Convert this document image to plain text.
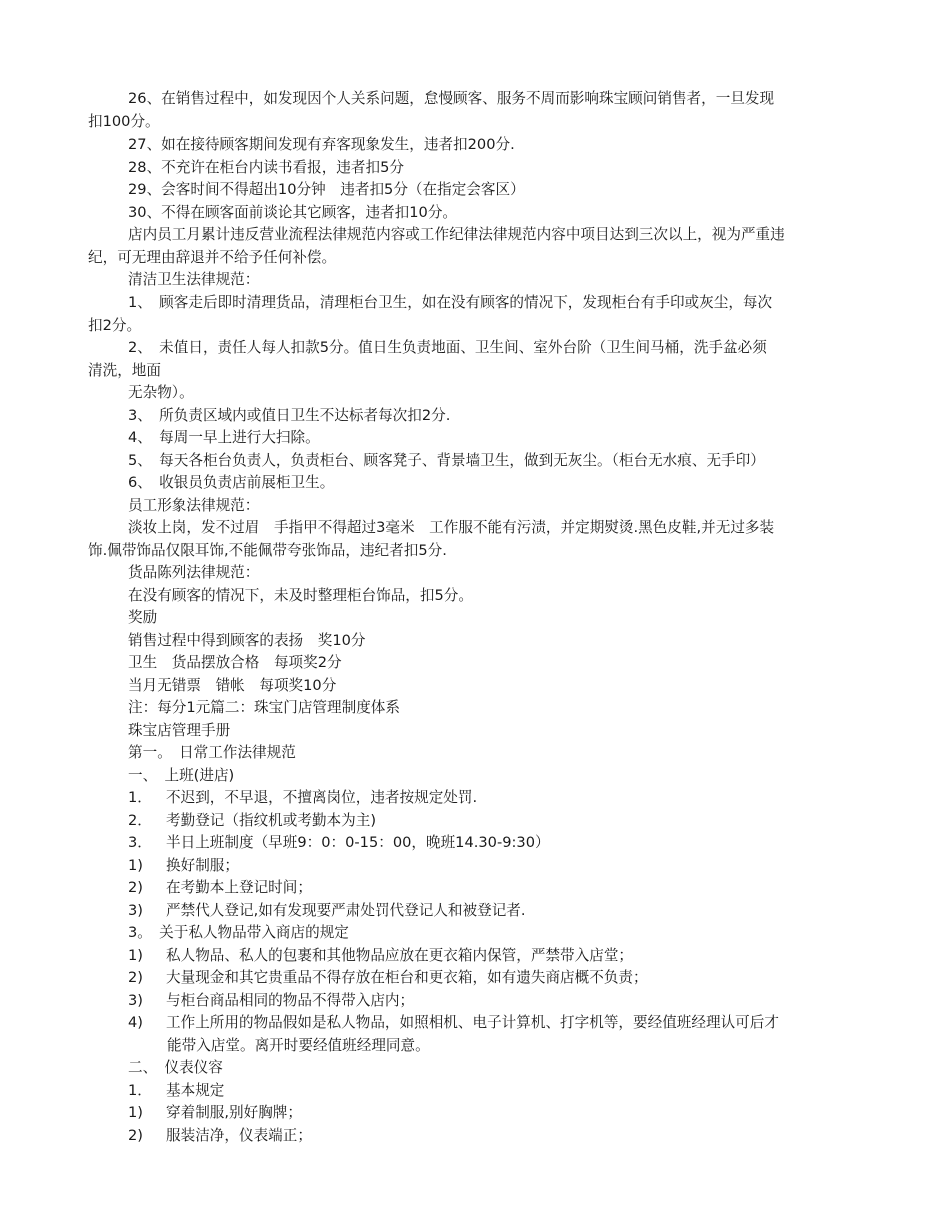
26、在销售过程中，如发现因个人关系问题，怠慢顾客、服务不周而影响珠宝顾问销售者，一旦发现
扣100分。
27、如在接待顾客期间发现有弃客现象发生，违者扣200分.
28、不充许在柜台内读书看报，违者扣5分
29、会客时间不得超出10分钟　违者扣5分（在指定会客区）
30、不得在顾客面前谈论其它顾客，违者扣10分。
店内员工月累计违反营业流程法律规范内容或工作纪律法律规范内容中项目达到三次以上，视为严重违
纪，可无理由辞退并不给予任何补偿。
清洁卫生法律规范：
1、　顾客走后即时清理货品，清理柜台卫生，如在没有顾客的情况下，发现柜台有手印或灰尘，每次
扣2分。
2、　未值日，责任人每人扣款5分。值日生负责地面、卫生间、室外台阶（卫生间马桶，洗手盆必须
清洗，地面
无杂物）。
3、　所负责区域内或值日卫生不达标者每次扣2分.
4、　每周一早上进行大扫除。
5、　每天各柜台负责人，负责柜台、顾客凳子、背景墙卫生，做到无灰尘。（柜台无水痕、无手印）
6、　收银员负责店前展柜卫生。
员工形象法律规范：
淡妆上岗，发不过眉　手指甲不得超过3毫米　工作服不能有污渍，并定期熨烫.黑色皮鞋,并无过多装
饰.佩带饰品仅限耳饰,不能佩带夸张饰品，违纪者扣5分.
货品陈列法律规范：
在没有顾客的情况下，未及时整理柜台饰品，扣5分。
奖励
销售过程中得到顾客的表扬　奖10分
卫生　货品摆放合格　每项奖2分
当月无错票　错帐　每项奖10分
注：每分1元篇二：珠宝门店管理制度体系
珠宝店管理手册
第一。　日常工作法律规范
一、　上班(进店)
1． 不迟到，不早退，不擅离岗位，违者按规定处罚.
2． 考勤登记（指纹机或考勤本为主)
3． 半日上班制度（早班9：0：0-15：00，晚班14.30-9:30）
1) 换好制服；
2) 在考勤本上登记时间；
3) 严禁代人登记,如有发现要严肃处罚代登记人和被登记者.
3。　关于私人物品带入商店的规定
1) 私人物品、私人的包裹和其他物品应放在更衣箱内保管，严禁带入店堂；
2) 大量现金和其它贵重品不得存放在柜台和更衣箱，如有遗失商店概不负责；
3) 与柜台商品相同的物品不得带入店内；
4) 工作上所用的物品假如是私人物品，如照相机、电子计算机、打字机等，要经值班经理认可后才
能带入店堂。离开时要经值班经理同意。
二、　仪表仪容
1． 基本规定
1) 穿着制服,别好胸牌；
2) 服装洁净，仪表端正；
